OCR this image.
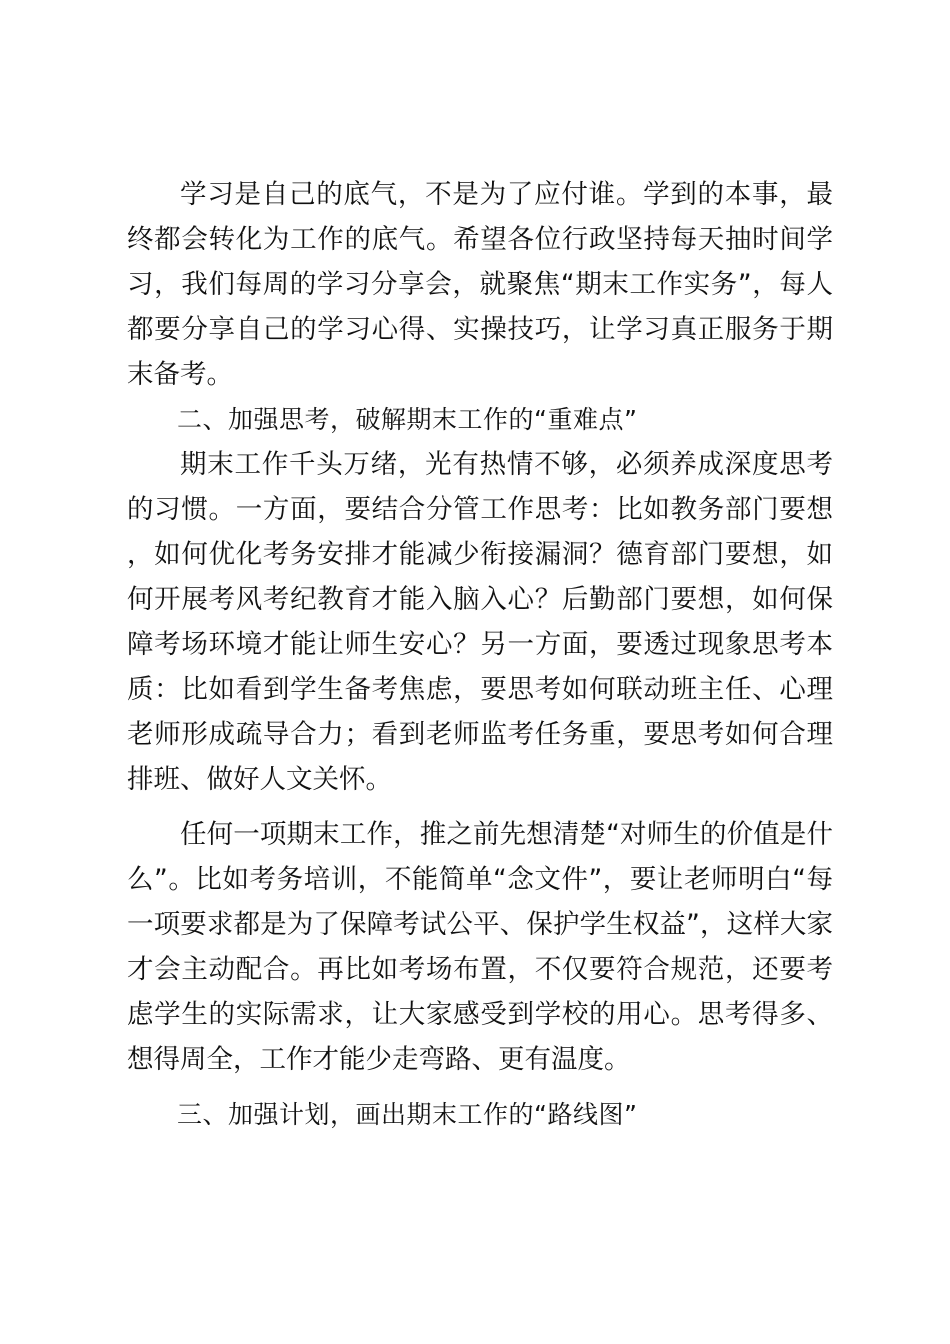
学习是自己的底气，不是为了应付谁。学到的本事，最终都会转化为工作的底气。希望各位行政坚持每天抽时间学习，我们每周的学习分享会，就聚焦“期末工作实务”，每人都要分享自己的学习心得、实操技巧，让学习真正服务于期末备考。

二、加强思考，破解期末工作的“重难点”

期末工作千头万绪，光有热情不够，必须养成深度思考的习惯。一方面，要结合分管工作思考：比如教务部门要想，如何优化考务安排才能减少衔接漏洞？德育部门要想，如何开展考风考纪教育才能入脑入心？后勤部门要想，如何保障考场环境才能让师生安心？另一方面，要透过现象思考本质：比如看到学生备考焦虑，要思考如何联动班主任、心理老师形成疏导合力；看到老师监考任务重，要思考如何合理排班、做好人文关怀。

任何一项期末工作，推之前先想清楚“对师生的价值是什么”。比如考务培训，不能简单“念文件”，要让老师明白“每一项要求都是为了保障考试公平、保护学生权益”，这样大家才会主动配合。再比如考场布置，不仅要符合规范，还要考虑学生的实际需求，让大家感受到学校的用心。思考得多、想得周全，工作才能少走弯路、更有温度。

三、加强计划，画出期末工作的“路线图”
